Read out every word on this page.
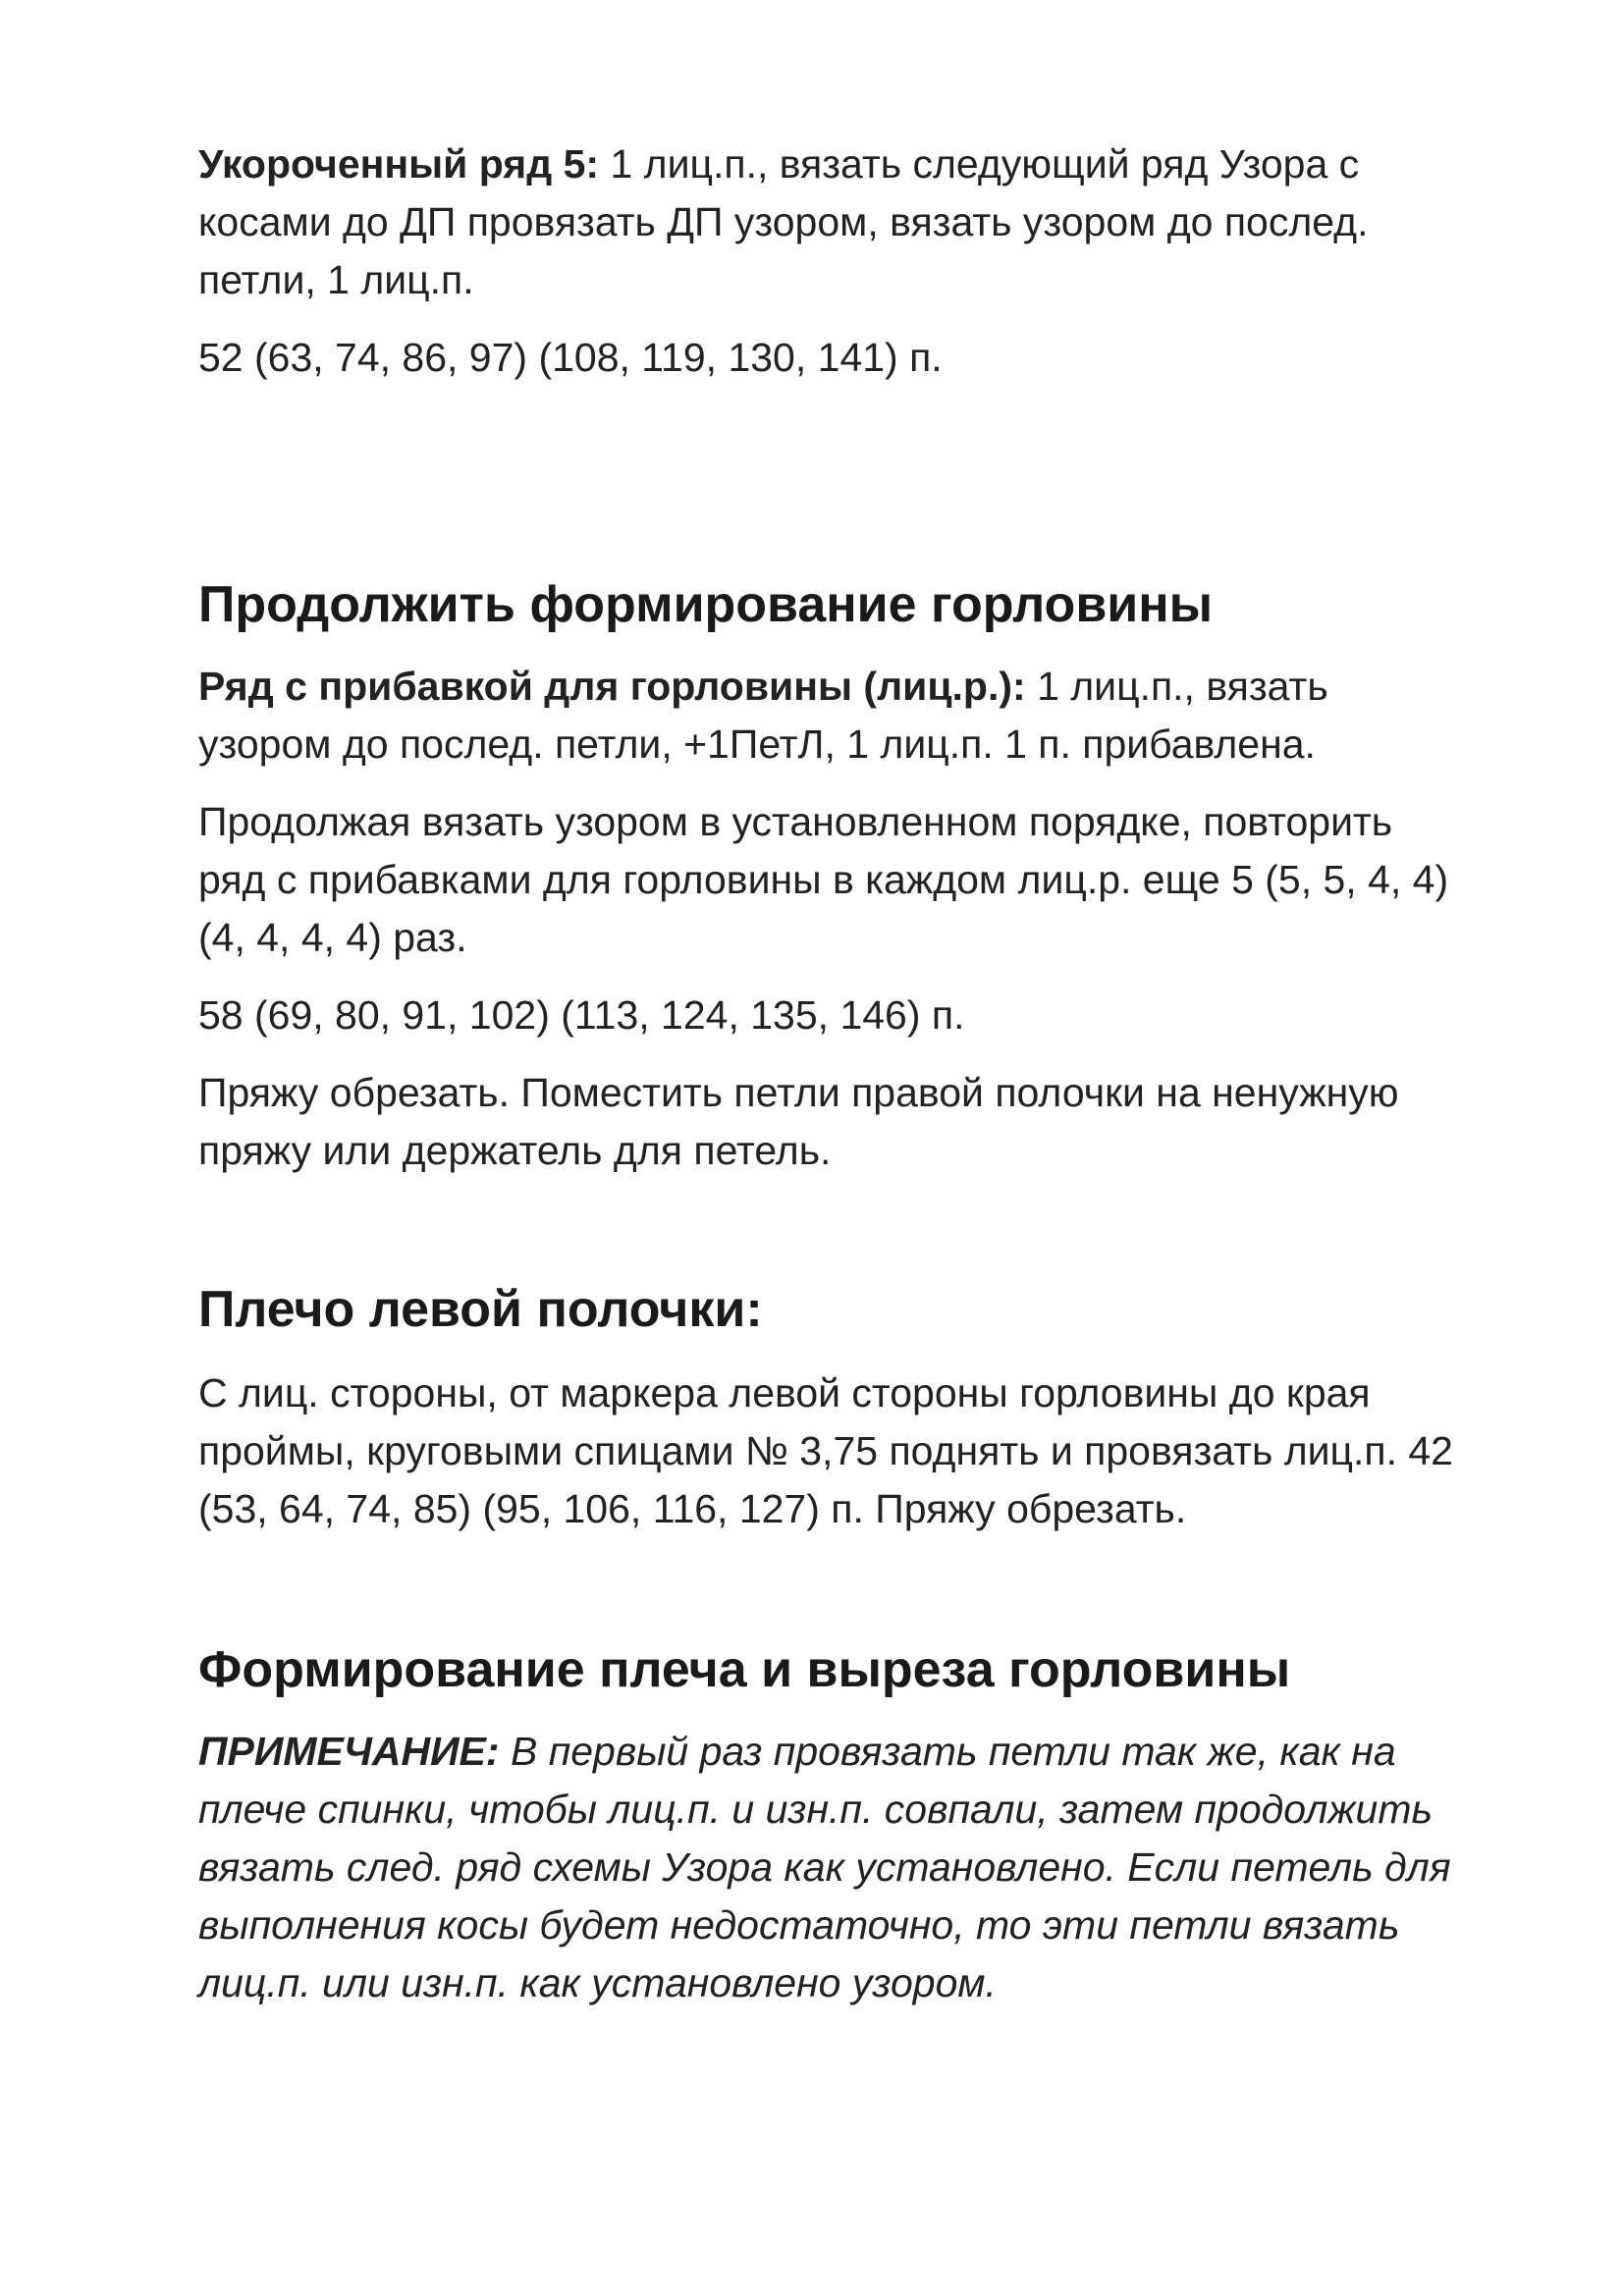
Укороченный ряд 5: 1 лиц.п., вязать следующий ряд Узора с косами до ДП провязать ДП узором, вязать узором до послед. петли, 1 лиц.п.

52 (63, 74, 86, 97) (108, 119, 130, 141) п.

Продолжить формирование горловины

Ряд с прибавкой для горловины (лиц.р.): 1 лиц.п., вязать узором до послед. петли, +1ПетЛ, 1 лиц.п. 1 п. прибавлена.

Продолжая вязать узором в установленном порядке, повторить ряд с прибавками для горловины в каждом лиц.р. еще 5 (5, 5, 4, 4) (4, 4, 4, 4) раз.

58 (69, 80, 91, 102) (113, 124, 135, 146) п.

Пряжу обрезать. Поместить петли правой полочки на ненужную пряжу или держатель для петель.

Плечо левой полочки:

С лиц. стороны, от маркера левой стороны горловины до края проймы, круговыми спицами № 3,75 поднять и провязать лиц.п. 42 (53, 64, 74, 85) (95, 106, 116, 127) п. Пряжу обрезать.

Формирование плеча и выреза горловины

ПРИМЕЧАНИЕ: В первый раз провязать петли так же, как на плече спинки, чтобы лиц.п. и изн.п. совпали, затем продолжить вязать след. ряд схемы Узора как установлено. Если петель для выполнения косы будет недостаточно, то эти петли вязать лиц.п. или изн.п. как установлено узором.
